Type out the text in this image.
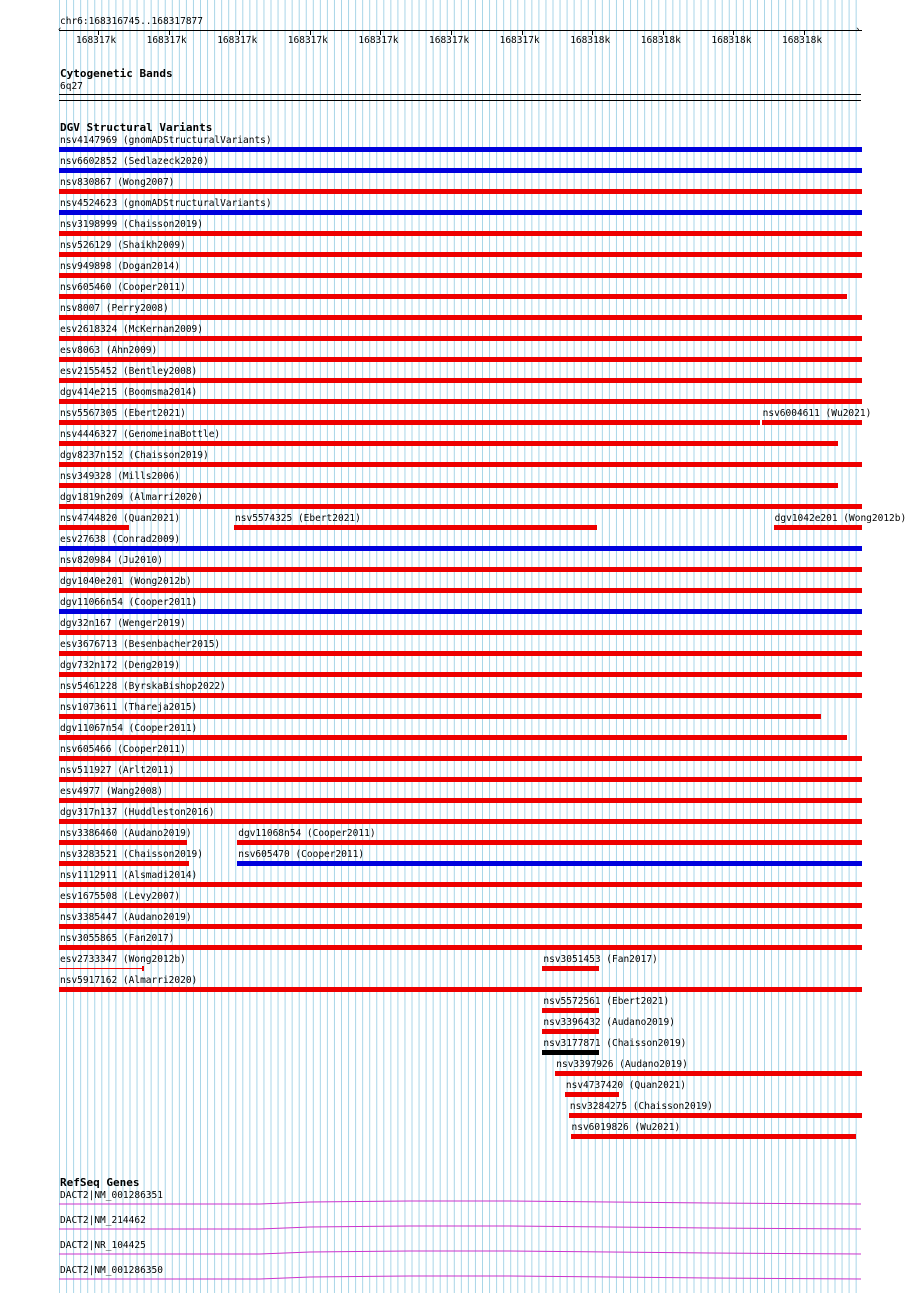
chr6:168316745..168317877
‹	›
168317k	168317k	168317k	168317k	168317k	168317k	168317k	168318k	168318k	168318k	168318k
Cytogenetic Bands
6q27
DGV Structural Variants
nsv4147969 (gnomADStructuralVariants)
nsv6602852 (Sedlazeck2020)
nsv830867 (Wong2007)
nsv4524623 (gnomADStructuralVariants)
nsv3198999 (Chaisson2019)
nsv526129 (Shaikh2009)
nsv949898 (Dogan2014)
nsv605460 (Cooper2011)
nsv8007 (Perry2008)
esv2618324 (McKernan2009)
esv8063 (Ahn2009)
esv2155452 (Bentley2008)
dgv414e215 (Boomsma2014)
nsv5567305 (Ebert2021)	nsv6004611 (Wu2021)
nsv4446327 (GenomeinaBottle)
dgv8237n152 (Chaisson2019)
nsv349328 (Mills2006)
dgv1819n209 (Almarri2020)
nsv4744820 (Quan2021)	nsv5574325 (Ebert2021)	dgv1042e201 (Wong2012b)
esv27638 (Conrad2009)
nsv820984 (Ju2010)
dgv1040e201 (Wong2012b)
dgv11066n54 (Cooper2011)
dgv32n167 (Wenger2019)
esv3676713 (Besenbacher2015)
dgv732n172 (Deng2019)
nsv5461228 (ByrskaBishop2022)
nsv1073611 (Thareja2015)
dgv11067n54 (Cooper2011)
nsv605466 (Cooper2011)
nsv511927 (Arlt2011)
esv4977 (Wang2008)
dgv317n137 (Huddleston2016)
nsv3386460 (Audano2019)	dgv11068n54 (Cooper2011)
nsv3283521 (Chaisson2019)	nsv605470 (Cooper2011)
nsv1112911 (Alsmadi2014)
esv1675508 (Levy2007)
nsv3385447 (Audano2019)
nsv3055865 (Fan2017)
esv2733347 (Wong2012b)	nsv3051453 (Fan2017)
nsv5917162 (Almarri2020)
nsv5572561 (Ebert2021)
nsv3396432 (Audano2019)
nsv3177871 (Chaisson2019)
nsv3397926 (Audano2019)
nsv4737420 (Quan2021)
nsv3284275 (Chaisson2019)
nsv6019826 (Wu2021)
RefSeq Genes
DACT2|NM_001286351
DACT2|NM_214462
DACT2|NR_104425
DACT2|NM_001286350
